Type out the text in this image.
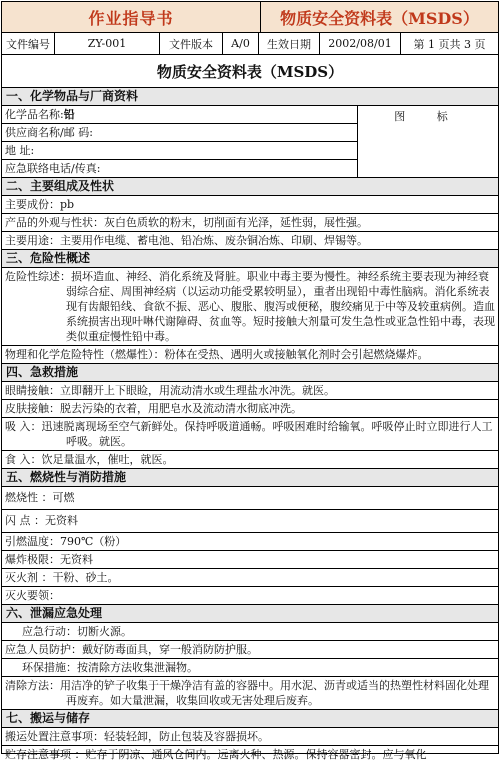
作业指导书	物质安全资料表（MSDS）
文件编号	ZY-001	文件版本	A/0	生效日期	2002/08/01	第 1 页共 3 页
物质安全资料表（MSDS）
一、化学物品与厂商资料
化学品名称:铅
供应商名称/邮 码:
地 址:
应急联络电话/传真:
图 标
二、主要组成及性状
主要成份：pb
产品的外观与性状：灰白色质软的粉末，切削面有光泽，延性弱，展性强。
主要用途：主要用作电缆、蓄电池、铅冶炼、废杂铜冶炼、印刷、焊锡等。
三、危险性概述
危险性综述：损坏造血、神经、消化系统及肾脏。职业中毒主要为慢性。神经系统主要表现为神经衰弱综合症、周围神经病（以运动功能受累较明显），重者出现铅中毒性脑病。消化系统表现有齿龈铅线、食欲不振、恶心、腹胀、腹泻或便秘，腹绞痛见于中等及较重病例。造血系统损害出现叶啉代谢障碍、贫血等。短时接触大剂量可发生急性或亚急性铅中毒，表现类似重症慢性铅中毒。
物理和化学危险特性（燃爆性）：粉体在受热、遇明火或接触氧化剂时会引起燃烧爆炸。
四、急救措施
眼睛接触：立即翻开上下眼睑，用流动清水或生理盐水冲洗。就医。
皮肤接触：脱去污染的衣着，用肥皂水及流动清水彻底冲洗。
吸 入：迅速脱离现场至空气新鲜处。保持呼吸道通畅。呼吸困难时给输氧。呼吸停止时立即进行人工呼吸。就医。
食 入：饮足量温水，催吐，就医。
五、燃烧性与消防措施
燃烧性 ：可燃
闪 点 ：无资料
引燃温度：790℃（粉）
爆炸极限：无资料
灭火剂 ：干粉、砂土。
灭火要领：
六、泄漏应急处理
应急行动：切断火源。
应急人员防护：戴好防毒面具，穿一般消防防护服。
环保措施：按清除方法收集泄漏物。
清除方法：用洁净的铲子收集于干燥净洁有盖的容器中。用水泥、沥青或适当的热塑性材料固化处理再废弃。如大量泄漏，收集回收或无害处理后废弃。
七、搬运与储存
搬运处置注意事项：轻装轻卸，防止包装及容器损坏。
贮存注意事项 ：贮存于阴凉、通风仓间内。远离火种、热源。保持容器密封。应与氧化
